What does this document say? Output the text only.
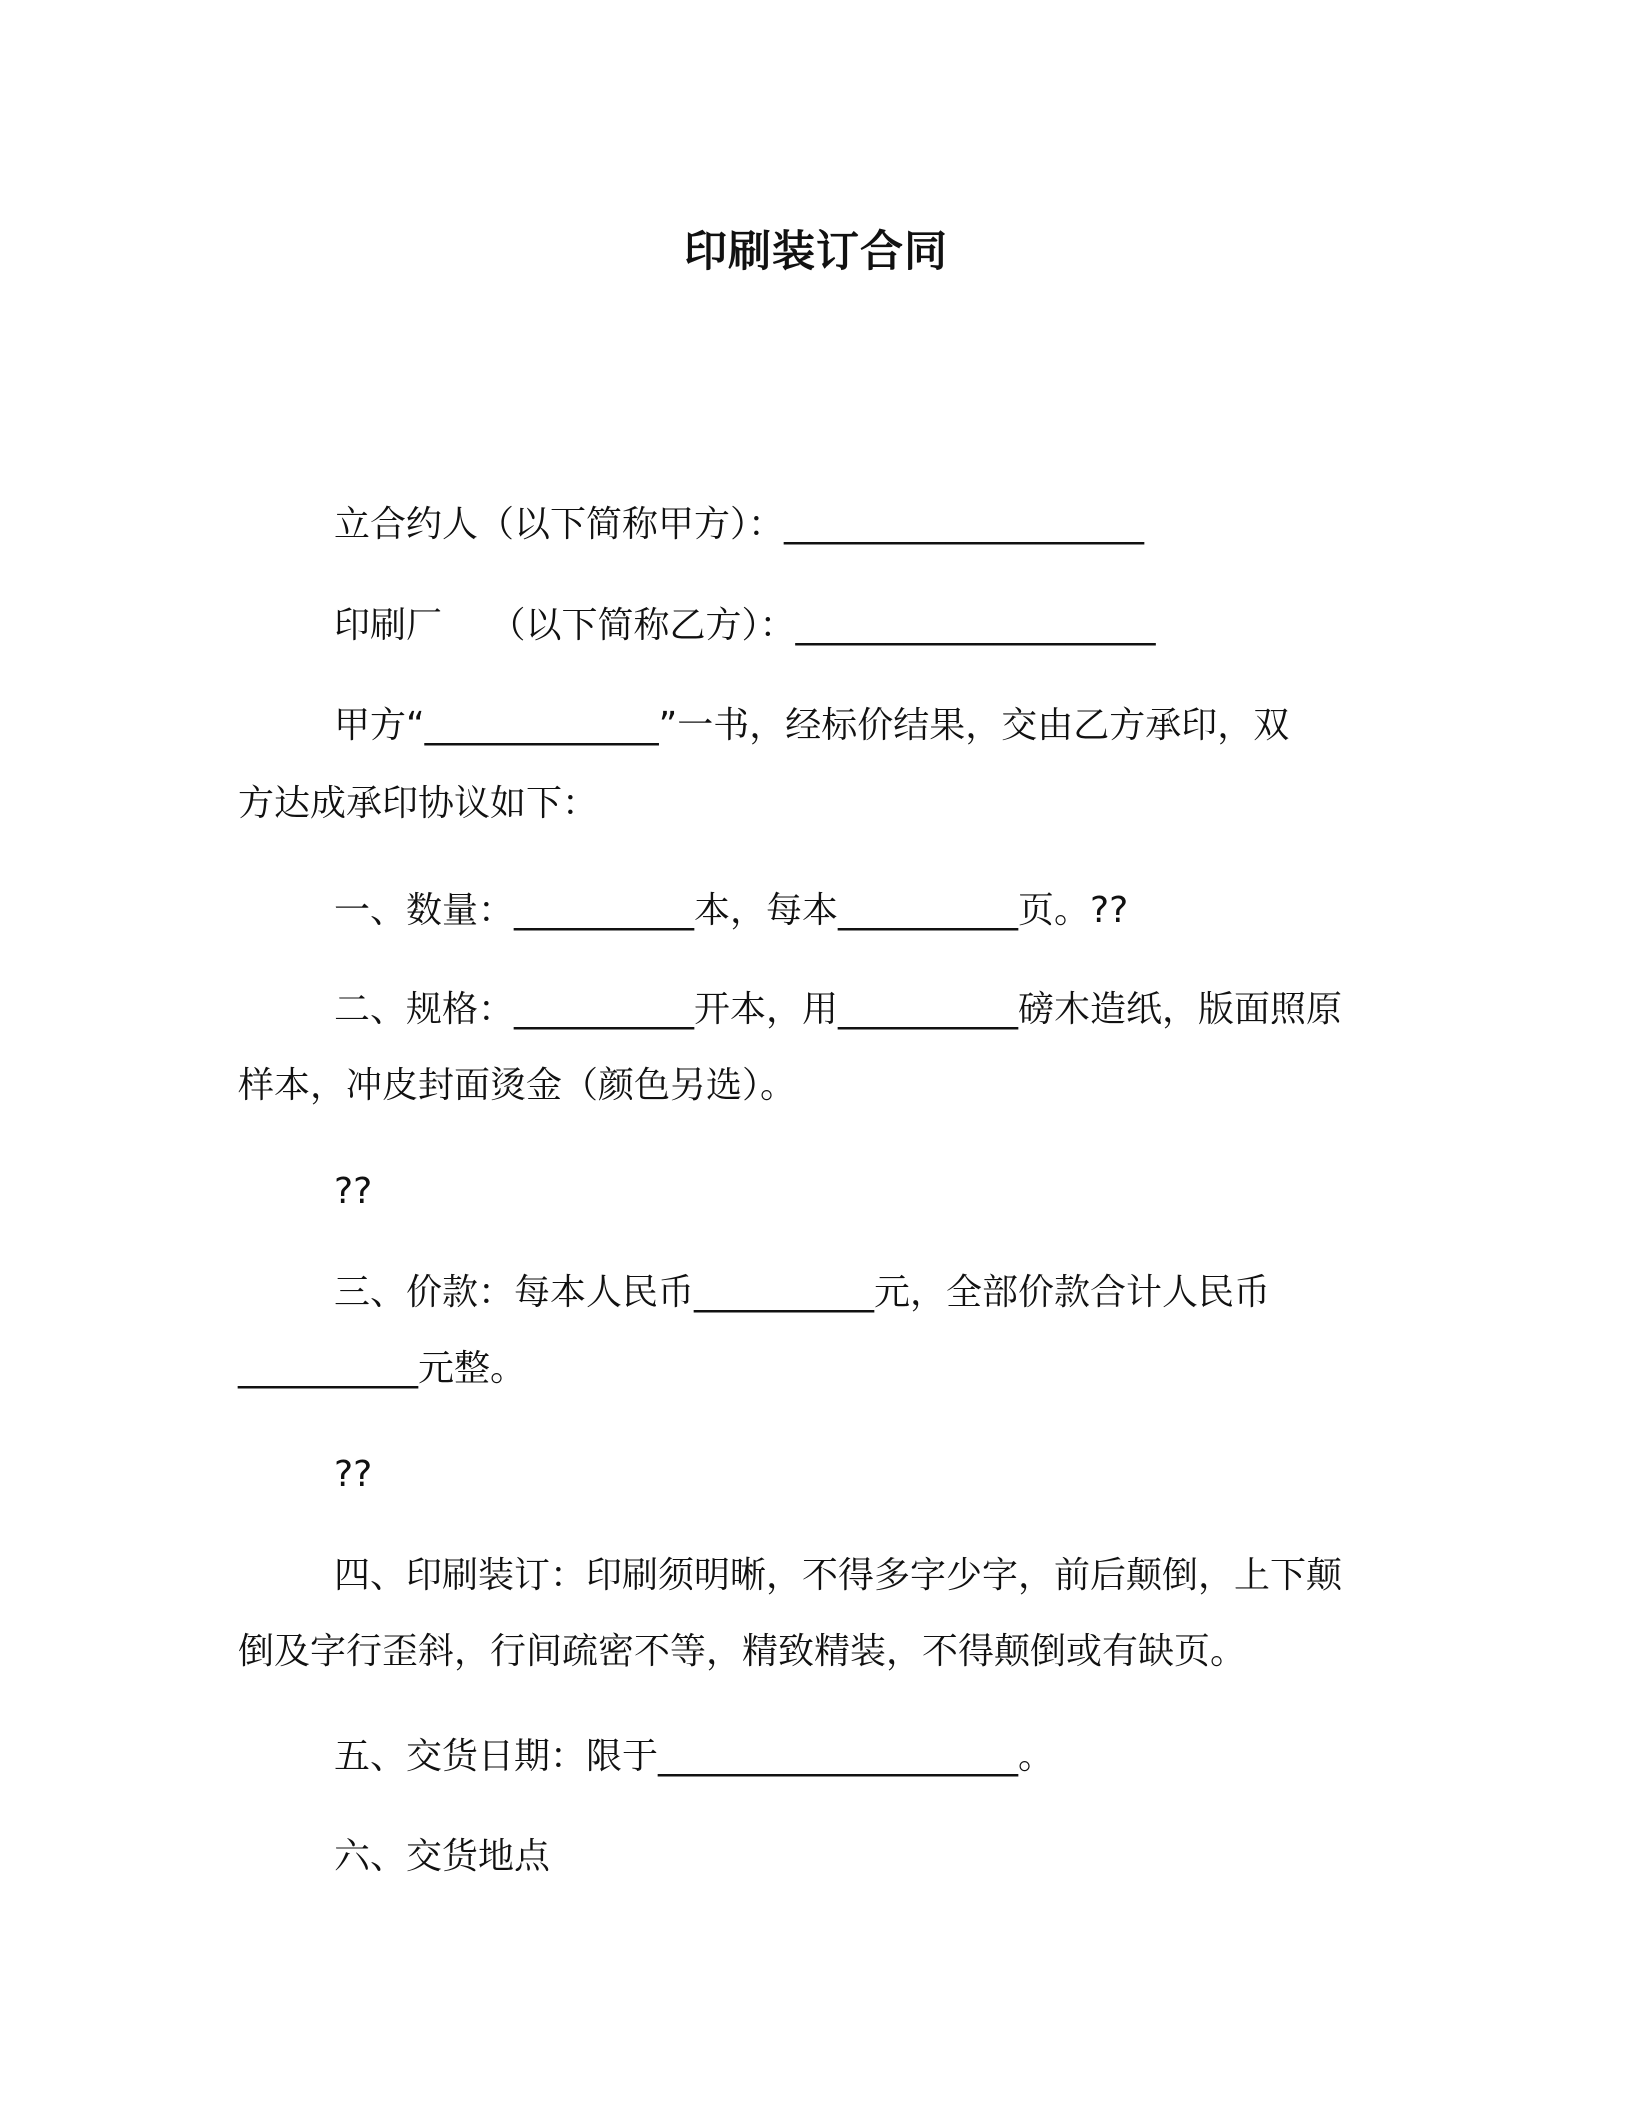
印刷装订合同
立合约人（以下简称甲方）：____________________
印刷厂　 （以下简称乙方）：____________________
甲方“_____________”一书，经标价结果，交由乙方承印，双
方达成承印协议如下：
一、数量：__________本，每本__________页。??
二、规格：__________开本，用__________磅木造纸，版面照原
样本，冲皮封面烫金（颜色另选）。
??
三、价款：每本人民币__________元，全部价款合计人民币
__________元整。
??
四、印刷装订：印刷须明晰，不得多字少字，前后颠倒，上下颠
倒及字行歪斜，行间疏密不等，精致精装，不得颠倒或有缺页。
五、交货日期：限于____________________。
六、交货地点
